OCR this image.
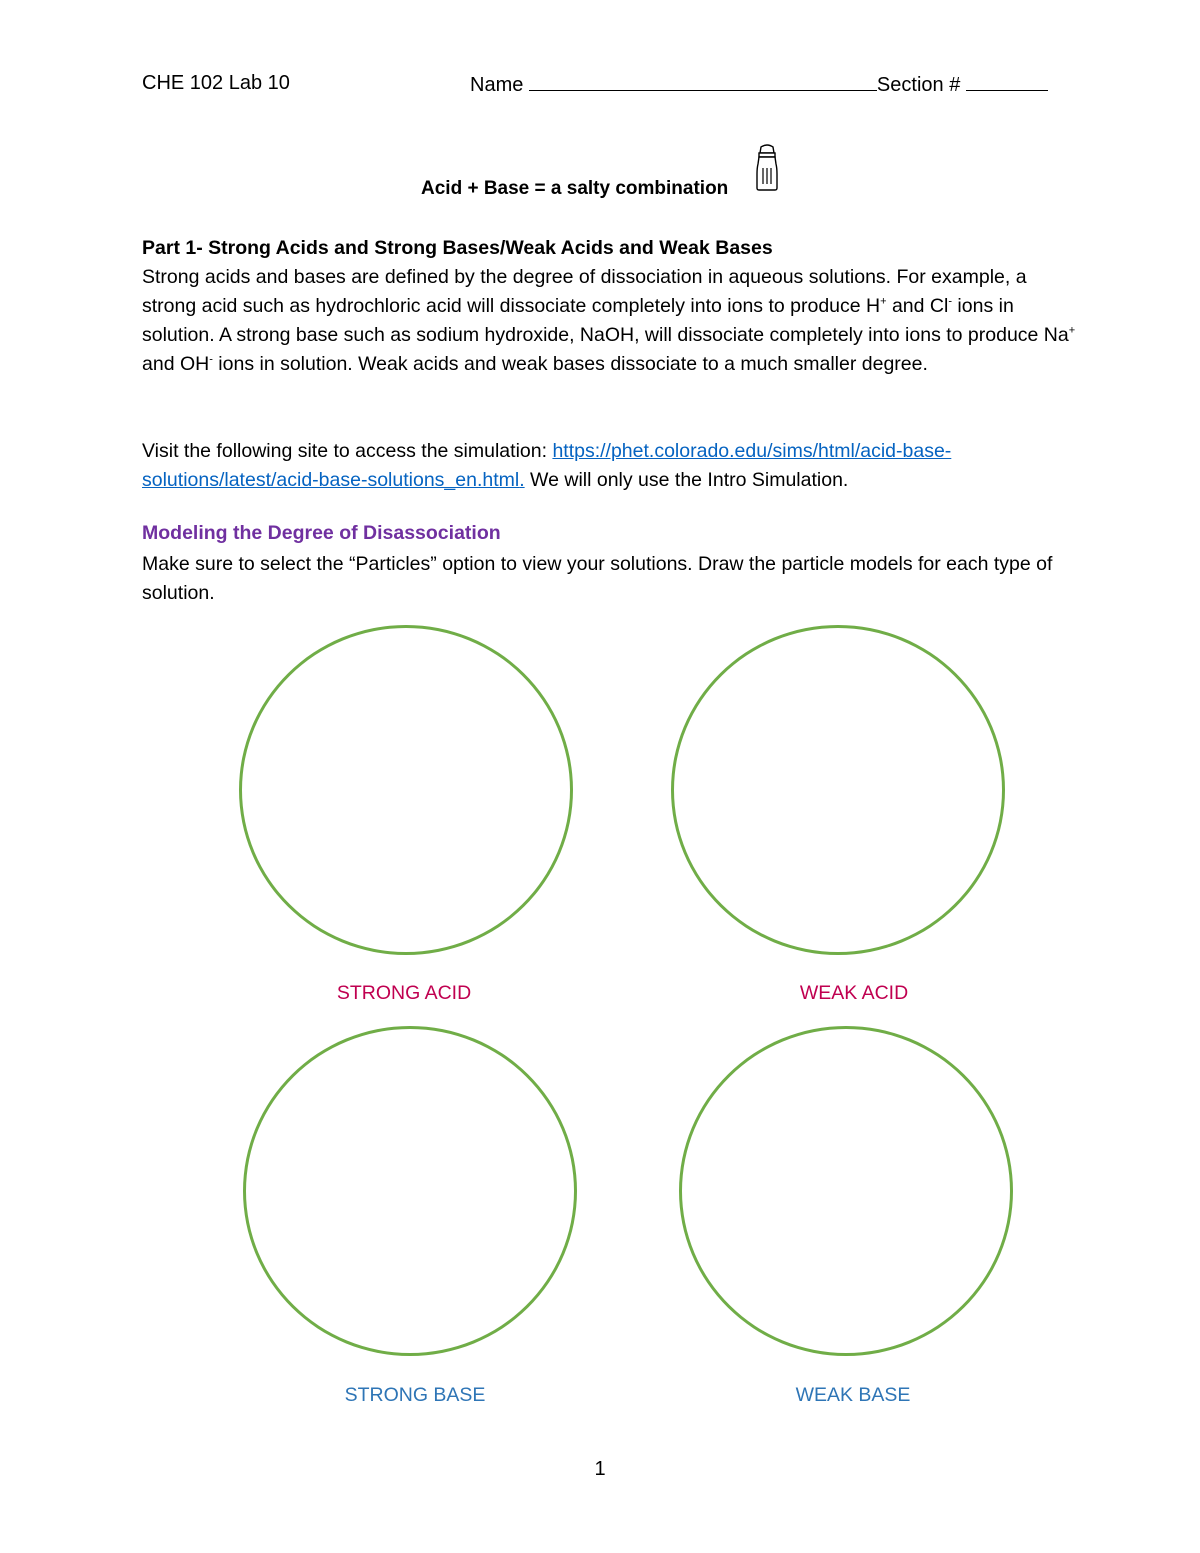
CHE 102 Lab 10	Name	Section #
Acid + Base = a salty combination
Part 1- Strong Acids and Strong Bases/Weak Acids and Weak Bases
Strong acids and bases are defined by the degree of dissociation in aqueous solutions. For example, a strong acid such as hydrochloric acid will dissociate completely into ions to produce H+ and Cl- ions in solution. A strong base such as sodium hydroxide, NaOH, will dissociate completely into ions to produce Na+ and OH- ions in solution. Weak acids and weak bases dissociate to a much smaller degree.
Visit the following site to access the simulation: https://phet.colorado.edu/sims/html/acid-base-solutions/latest/acid-base-solutions_en.html. We will only use the Intro Simulation.
Modeling the Degree of Disassociation
Make sure to select the “Particles” option to view your solutions. Draw the particle models for each type of solution.
STRONG ACID	WEAK ACID
STRONG BASE	WEAK BASE
1
